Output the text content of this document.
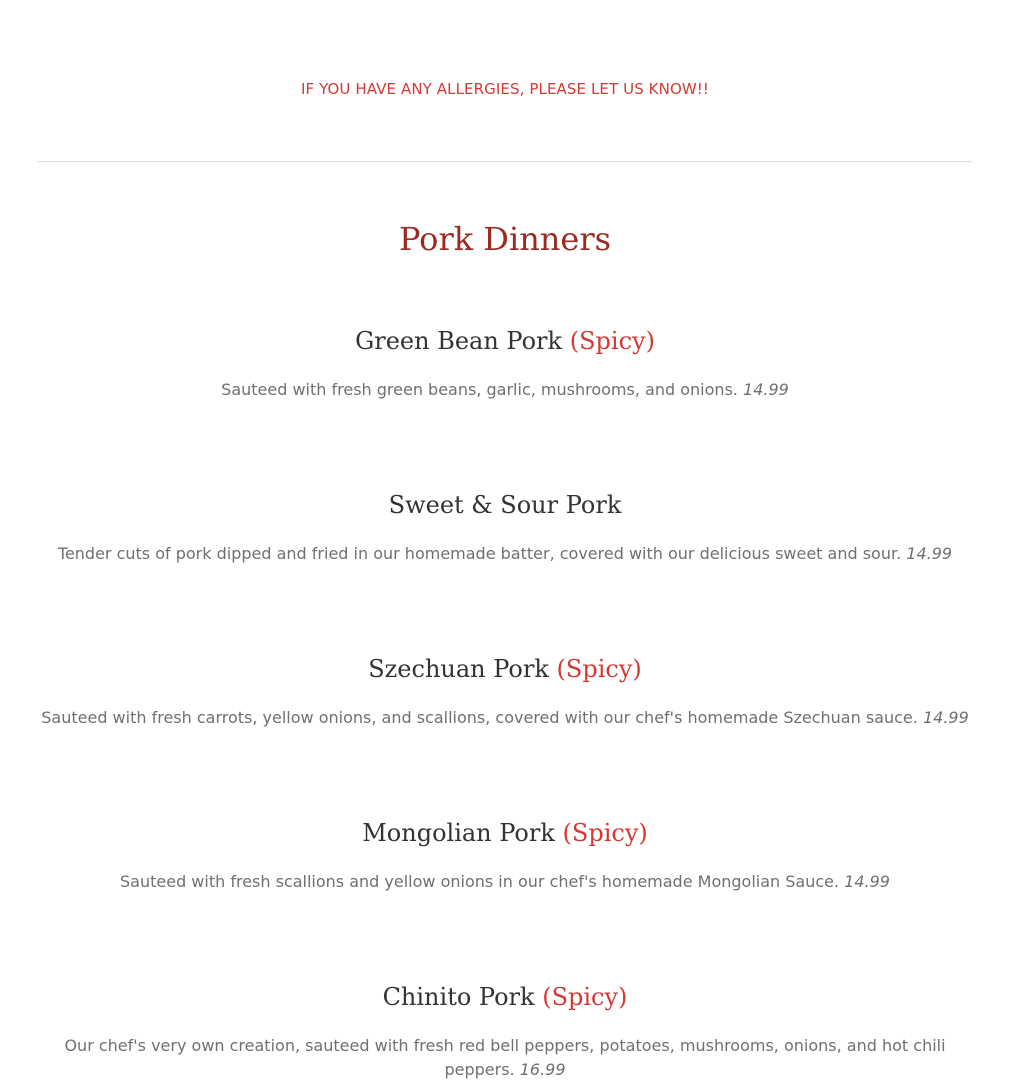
IF YOU HAVE ANY ALLERGIES, PLEASE LET US KNOW!!
Pork Dinners

Green Bean Pork (Spicy)

Sauteed with fresh green beans, garlic, mushrooms, and onions. 14.99

Sweet & Sour Pork

Tender cuts of pork dipped and fried in our homemade batter, covered with our delicious sweet and sour. 14.99

Szechuan Pork (Spicy)

Sauteed with fresh carrots, yellow onions, and scallions, covered with our chef's homemade Szechuan sauce. 14.99

Mongolian Pork (Spicy)

Sauteed with fresh scallions and yellow onions in our chef's homemade Mongolian Sauce. 14.99

Chinito Pork (Spicy)

Our chef's very own creation, sauteed with fresh red bell peppers, potatoes, mushrooms, onions, and hot chili peppers. 16.99
